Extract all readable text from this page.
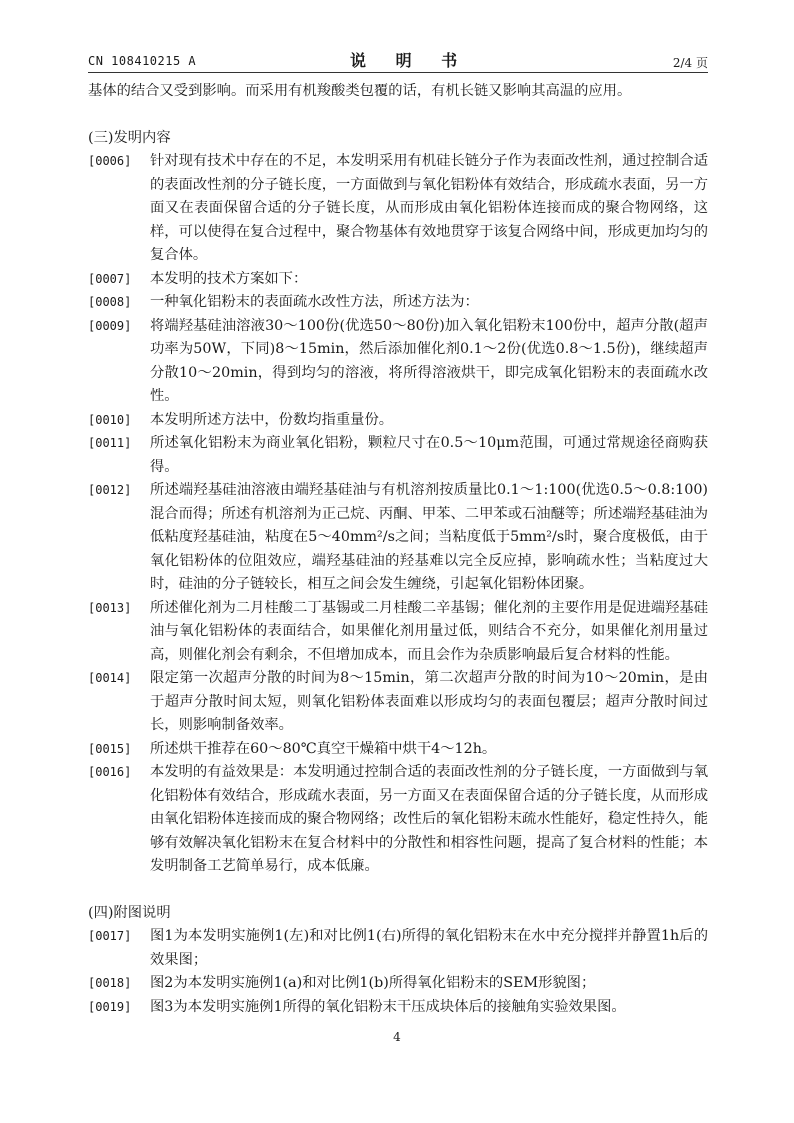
CN 108410215 A	说 明 书	2/4 页

基体的结合又受到影响。而采用有机羧酸类包覆的话，有机长链又影响其高温的应用。

(三)发明内容

[0006]	针对现有技术中存在的不足，本发明采用有机硅长链分子作为表面改性剂，通过控制合适的表面改性剂的分子链长度，一方面做到与氧化铝粉体有效结合，形成疏水表面，另一方面又在表面保留合适的分子链长度，从而形成由氧化铝粉体连接而成的聚合物网络，这样，可以使得在复合过程中，聚合物基体有效地贯穿于该复合网络中间，形成更加均匀的复合体。
[0007]	本发明的技术方案如下：
[0008]	一种氧化铝粉末的表面疏水改性方法，所述方法为：
[0009]	将端羟基硅油溶液30～100份(优选50～80份)加入氧化铝粉末100份中，超声分散(超声功率为50W，下同)8～15min，然后添加催化剂0.1～2份(优选0.8～1.5份)，继续超声分散10～20min，得到均匀的溶液，将所得溶液烘干，即完成氧化铝粉末的表面疏水改性。
[0010]	本发明所述方法中，份数均指重量份。
[0011]	所述氧化铝粉末为商业氧化铝粉，颗粒尺寸在0.5～10μm范围，可通过常规途径商购获得。
[0012]	所述端羟基硅油溶液由端羟基硅油与有机溶剂按质量比0.1～1:100(优选0.5～0.8:100)混合而得；所述有机溶剂为正己烷、丙酮、甲苯、二甲苯或石油醚等；所述端羟基硅油为低粘度羟基硅油，粘度在5～40mm²/s之间；当粘度低于5mm²/s时，聚合度极低，由于氧化铝粉体的位阻效应，端羟基硅油的羟基难以完全反应掉，影响疏水性；当粘度过大时，硅油的分子链较长，相互之间会发生缠绕，引起氧化铝粉体团聚。
[0013]	所述催化剂为二月桂酸二丁基锡或二月桂酸二辛基锡；催化剂的主要作用是促进端羟基硅油与氧化铝粉体的表面结合，如果催化剂用量过低，则结合不充分，如果催化剂用量过高，则催化剂会有剩余，不但增加成本，而且会作为杂质影响最后复合材料的性能。
[0014]	限定第一次超声分散的时间为8～15min，第二次超声分散的时间为10～20min，是由于超声分散时间太短，则氧化铝粉体表面难以形成均匀的表面包覆层；超声分散时间过长，则影响制备效率。
[0015]	所述烘干推荐在60～80℃真空干燥箱中烘干4～12h。
[0016]	本发明的有益效果是：本发明通过控制合适的表面改性剂的分子链长度，一方面做到与氧化铝粉体有效结合，形成疏水表面，另一方面又在表面保留合适的分子链长度，从而形成由氧化铝粉体连接而成的聚合物网络；改性后的氧化铝粉末疏水性能好，稳定性持久，能够有效解决氧化铝粉末在复合材料中的分散性和相容性问题，提高了复合材料的性能；本发明制备工艺简单易行，成本低廉。

(四)附图说明

[0017]	图1为本发明实施例1(左)和对比例1(右)所得的氧化铝粉末在水中充分搅拌并静置1h后的效果图；
[0018]	图2为本发明实施例1(a)和对比例1(b)所得氧化铝粉末的SEM形貌图；
[0019]	图3为本发明实施例1所得的氧化铝粉末干压成块体后的接触角实验效果图。
4
